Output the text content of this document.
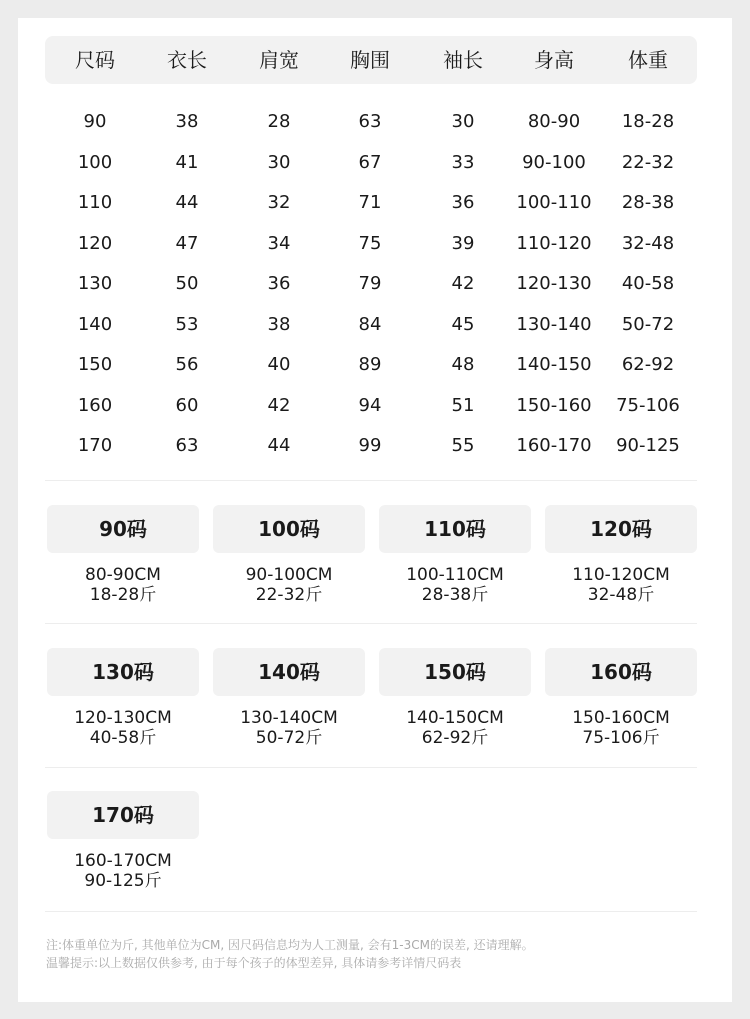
尺码	衣长	肩宽	胸围	袖长	身高	体重
90	38	28	63	30	80-90	18-28
100	41	30	67	33	90-100	22-32
110	44	32	71	36	100-110	28-38
120	47	34	75	39	110-120	32-48
130	50	36	79	42	120-130	40-58
140	53	38	84	45	130-140	50-72
150	56	40	89	48	140-150	62-92
160	60	42	94	51	150-160	75-106
170	63	44	99	55	160-170	90-125
90码
80-90CM
18-28斤
100码
90-100CM
22-32斤
110码
100-110CM
28-38斤
120码
110-120CM
32-48斤
130码
120-130CM
40-58斤
140码
130-140CM
50-72斤
150码
140-150CM
62-92斤
160码
150-160CM
75-106斤
170码
160-170CM
90-125斤
注:体重单位为斤, 其他单位为CM, 因尺码信息均为人工测量, 会有1-3CM的误差, 还请理解。
温馨提示:以上数据仅供参考, 由于每个孩子的体型差异, 具体请参考详情尺码表
